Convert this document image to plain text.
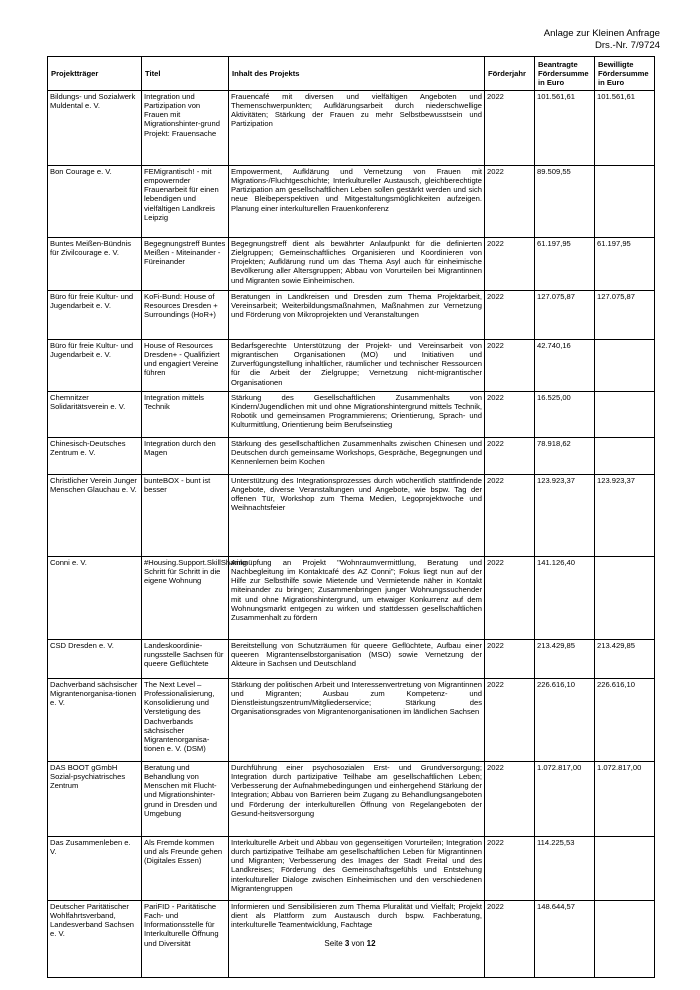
Anlage zur Kleinen Anfrage
Drs.-Nr. 7/9724
Projektträger	Titel	Inhalt des Projekts	Förderjahr	Beantragte Fördersumme in Euro	Bewilligte Fördersumme in Euro
Bildungs- und Sozialwerk Muldental e. V.	Integration und Partizipation von Frauen mit Migrationshinter-grund Projekt: Frauensache	Frauencafé mit diversen und vielfältigen Angeboten und Themenschwerpunkten; Aufklärungsarbeit durch niederschwellige Aktivitäten; Stärkung der Frauen zu mehr Selbstbewusstsein und Partizipation	2022	101.561,61	101.561,61
Bon Courage e. V.	FEMigrantisch! - mit empowernder Frauenarbeit für einen lebendigen und vielfältigen Landkreis Leipzig	Empowerment, Aufklärung und Vernetzung von Frauen mit Migrations-/Fluchtgeschichte; Interkultureller Austausch, gleichberechtigte Partizipation am gesellschaftlichen Leben sollen gestärkt werden und sich neue Bleibeperspektiven und Mitgestaltungsmöglichkeiten aufzeigen. Planung einer interkulturellen Frauenkonferenz	2022	89.509,55	
Buntes Meißen-Bündnis für Zivilcourage e. V.	Begegnungstreff Buntes Meißen - Miteinander - Füreinander	Begegnungstreff dient als bewährter Anlaufpunkt für die definierten Zielgruppen; Gemeinschaftliches Organisieren und Koordinieren von Projekten; Aufklärung rund um das Thema Asyl auch für einheimische Bevölkerung aller Altersgruppen; Abbau von Vorurteilen bei Migrantinnen und Migranten sowie Einheimischen.	2022	61.197,95	61.197,95
Büro für freie Kultur- und Jugendarbeit e. V.	KoFi-Bund: House of Resources Dresden + Surroundings (HoR+)	Beratungen in Landkreisen und Dresden zum Thema Projektarbeit, Vereinsarbeit; Weiterbildungsmaßnahmen, Maßnahmen zur Vernetzung und Förderung von Mikroprojekten und Veranstaltungen	2022	127.075,87	127.075,87
Büro für freie Kultur- und Jugendarbeit e. V.	House of Resources Dresden+ - Qualifiziert und engagiert Vereine führen	Bedarfsgerechte Unterstützung der Projekt- und Vereinsarbeit von migrantischen Organisationen (MO) und Initiativen und Zurverfügungstellung inhaltlicher, räumlicher und technischer Ressourcen für die Arbeit der Zielgruppe; Vernetzung nicht-migrantischer Organisationen	2022	42.740,16	
Chemnitzer Solidaritätsverein e. V.	Integration mittels Technik	Stärkung des Gesellschaftlichen Zusammenhalts von Kindern/Jugendlichen mit und ohne Migrationshintergrund mittels Technik, Robotik und gemeinsamen Programmierens; Orientierung, Sprach- und Kulturmittlung, Orientierung beim Berufseinstieg	2022	16.525,00	
Chinesisch-Deutsches Zentrum e. V.	Integration durch den Magen	Stärkung des gesellschaftlichen Zusammenhalts zwischen Chinesen und Deutschen durch gemeinsame Workshops, Gespräche, Begegnungen und Kennenlernen beim Kochen	2022	78.918,62	
Christlicher Verein Junger Menschen Glauchau e. V.	bunteBOX - bunt ist besser	Unterstützung des Integrationsprozesses durch wöchentlich stattfindende Angebote, diverse Veranstaltungen und Angebote, wie bspw. Tag der offenen Tür, Workshop zum Thema Medien, Legoprojektwoche und Weihnachtsfeier	2022	123.923,37	123.923,37
Conni e. V.	#Housing.Support.SkillSharing Schritt für Schritt in die eigene Wohnung	Anknüpfung an Projekt "Wohnraumvermittlung, Beratung und Nachbegleitung im Kontaktcafé des AZ Conni"; Fokus liegt nun auf der Hilfe zur Selbsthilfe sowie Mietende und Vermietende näher in Kontakt miteinander zu bringen; Zusammenbringen junger Wohnungssuchender mit und ohne Migrationshintergrund, um etwaiger Konkurrenz auf dem Wohnungsmarkt entgegen zu wirken und stattdessen gesellschaftlichen Zusammenhalt zu fördern	2022	141.126,40	
CSD Dresden e. V.	Landeskoordinie-rungsstelle Sachsen für queere Geflüchtete	Bereitstellung von Schutzräumen für queere Geflüchtete, Aufbau einer queeren Migrantenselbstorganisation (MSO) sowie Vernetzung der Akteure in Sachsen und Deutschland	2022	213.429,85	213.429,85
Dachverband sächsischer Migrantenorganisa-tionen e. V.	The Next Level – Professionalisierung, Konsolidierung und Verstetigung des Dachverbands sächsischer Migrantenorganisa-tionen e. V. (DSM)	Stärkung der politischen Arbeit und Interessenvertretung von Migrantinnen und Migranten; Ausbau zum Kompetenz- und Dienstleistungszentrum/Mitgliederservice; Stärkung des Organisationsgrades von Migrantenorganisationen im ländlichen Sachsen	2022	226.616,10	226.616,10
DAS BOOT gGmbH Sozial-psychiatrisches Zentrum	Beratung und Behandlung von Menschen mit Flucht- und Migrationshinter-grund in Dresden und Umgebung	Durchführung einer psychosozialen Erst- und Grundversorgung; Integration durch partizipative Teilhabe am gesellschaftlichen Leben; Verbesserung der Aufnahmebedingungen und einhergehend Stärkung der Integration; Abbau von Barrieren beim Zugang zu Behandlungsangeboten und Förderung der interkulturellen Öffnung von Regelangeboten der Gesund-heitsversorgung	2022	1.072.817,00	1.072.817,00
Das Zusammenleben e. V.	Als Fremde kommen und als Freunde gehen (Digitales Essen)	Interkulturelle Arbeit und Abbau von gegenseitigen Vorurteilen; Integration durch partizipative Teilhabe am gesellschaftlichen Leben für Migrantinnen und Migranten; Verbesserung des Images der Stadt Freital und des Landkreises; Förderung des Gemeinschaftsgefühls und Entstehung interkultureller Dialoge zwischen Einheimischen und den verschiedenen Migrantengruppen	2022	114.225,53	
Deutscher Paritätischer Wohlfahrtsverband, Landesverband Sachsen e. V.	PariFID - Paritätische Fach- und Informationsstelle für Interkulturelle Öffnung und Diversität	Informieren und Sensibilisieren zum Thema Pluralität und Vielfalt; Projekt dient als Plattform zum Austausch durch bspw. Fachberatung, interkulturelle Teamentwicklung, Fachtage	2022	148.644,57	
Seite 3 von 12
